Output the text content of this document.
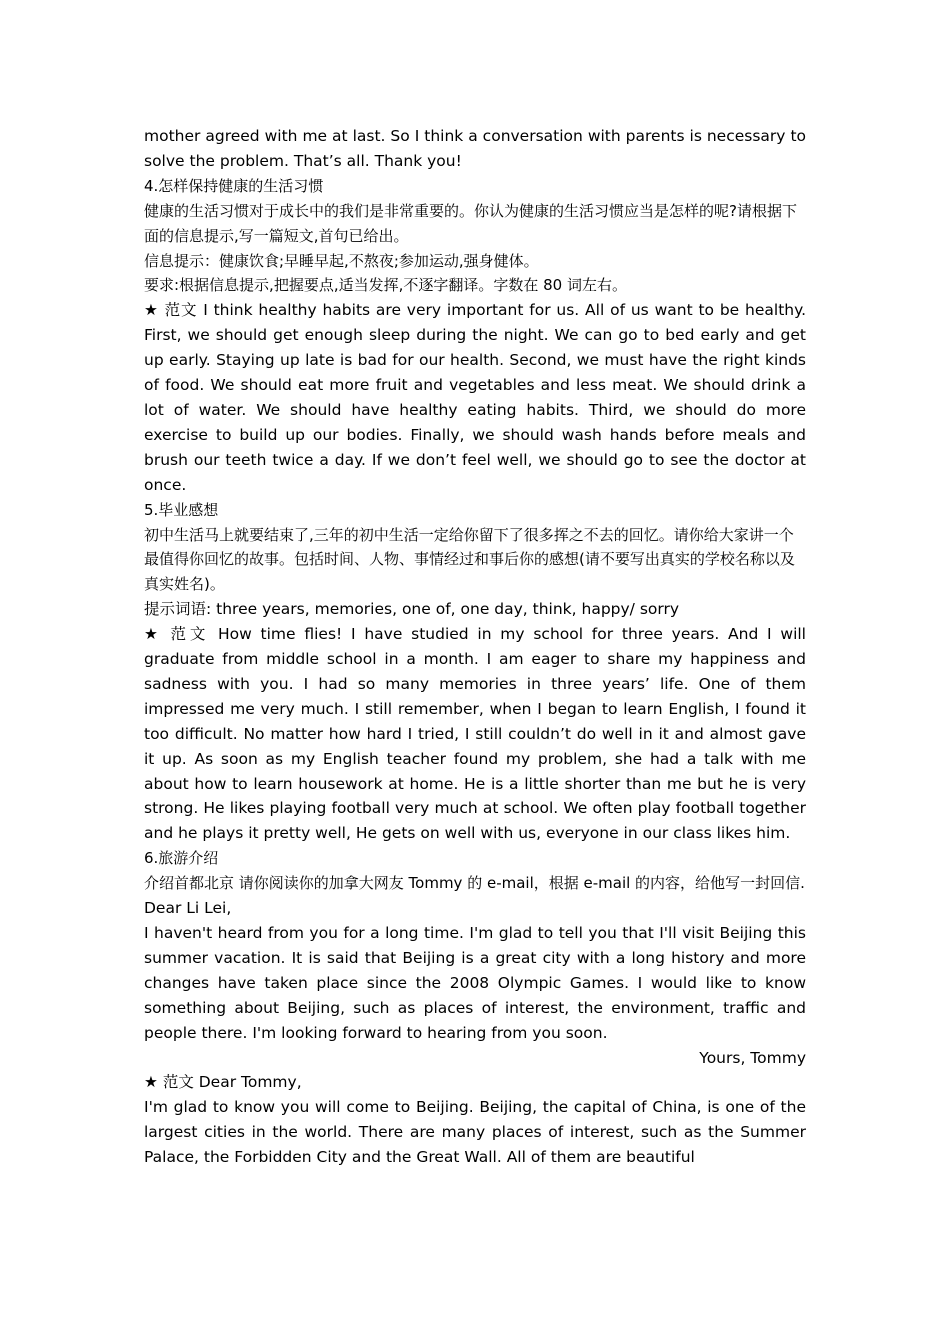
mother agreed with me at last. So I think a conversation with parents is necessary to solve the problem. That’s all. Thank you!

4.怎样保持健康的生活习惯

健康的生活习惯对于成长中的我们是非常重要的。你认为健康的生活习惯应当是怎样的呢?请根据下面的信息提示,写一篇短文,首句已给出。

信息提示：健康饮食;早睡早起,不熬夜;参加运动,强身健体。

要求:根据信息提示,把握要点,适当发挥,不逐字翻译。字数在 80 词左右。

★ 范文 I think healthy habits are very important for us. All of us want to be healthy. First, we should get enough sleep during the night. We can go to bed early and get up early. Staying up late is bad for our health. Second, we must have the right kinds of food. We should eat more fruit and vegetables and less meat. We should drink a lot of water. We should have healthy eating habits. Third, we should do more exercise to build up our bodies. Finally, we should wash hands before meals and brush our teeth twice a day. If we don’t feel well, we should go to see the doctor at once.

5.毕业感想

初中生活马上就要结束了,三年的初中生活一定给你留下了很多挥之不去的回忆。请你给大家讲一个最值得你回忆的故事。包括时间、人物、事情经过和事后你的感想(请不要写出真实的学校名称以及真实姓名)。

提示词语: three years, memories, one of, one day, think, happy/ sorry

★ 范文 How time flies! I have studied in my school for three years. And I will graduate from middle school in a month. I am eager to share my happiness and sadness with you. I had so many memories in three years’ life. One of them impressed me very much. I still remember, when I began to learn English, I found it too difficult. No matter how hard I tried, I still couldn’t do well in it and almost gave it up. As soon as my English teacher found my problem, she had a talk with me about how to learn housework at home. He is a little shorter than me but he is very strong. He likes playing football very much at school. We often play football together and he plays it pretty well, He gets on well with us, everyone in our class likes him.

6.旅游介绍

介绍首都北京 请你阅读你的加拿大网友 Tommy 的 e-mail，根据 e-mail 的内容，给他写一封回信.

Dear Li Lei,

I haven't heard from you for a long time. I'm glad to tell you that I'll visit Beijing this summer vacation. It is said that Beijing is a great city with a long history and more changes have taken place since the 2008 Olympic Games. I would like to know something about Beijing, such as places of interest, the environment, traffic and people there. I'm looking forward to hearing from you soon.

Yours, Tommy

★ 范文 Dear Tommy,

I'm glad to know you will come to Beijing. Beijing, the capital of China, is one of the largest cities in the world. There are many places of interest, such as the Summer Palace, the Forbidden City and the Great Wall. All of them are beautiful
